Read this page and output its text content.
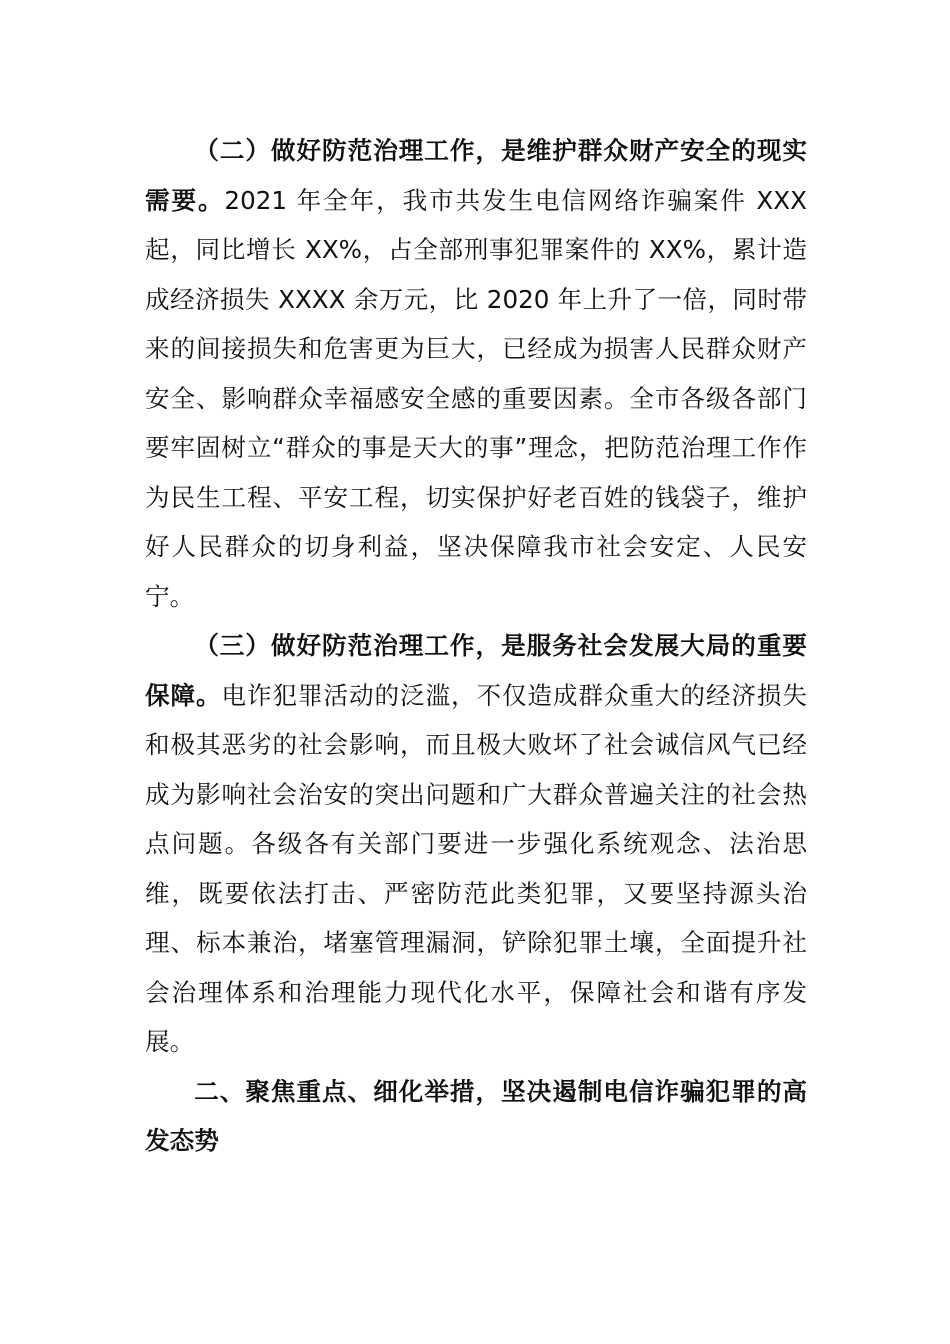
（二）做好防范治理工作，是维护群众财产安全的现实需要。2021 年全年，我市共发生电信网络诈骗案件 XXX 起，同比增长 XX%，占全部刑事犯罪案件的 XX%，累计造成经济损失 XXXX 余万元，比 2020 年上升了一倍，同时带来的间接损失和危害更为巨大，已经成为损害人民群众财产安全、影响群众幸福感安全感的重要因素。全市各级各部门要牢固树立“群众的事是天大的事”理念，把防范治理工作作为民生工程、平安工程，切实保护好老百姓的钱袋子，维护好人民群众的切身利益，坚决保障我市社会安定、人民安宁。

（三）做好防范治理工作，是服务社会发展大局的重要保障。电诈犯罪活动的泛滥，不仅造成群众重大的经济损失和极其恶劣的社会影响，而且极大败坏了社会诚信风气已经成为影响社会治安的突出问题和广大群众普遍关注的社会热点问题。各级各有关部门要进一步强化系统观念、法治思维，既要依法打击、严密防范此类犯罪，又要坚持源头治理、标本兼治，堵塞管理漏洞，铲除犯罪土壤，全面提升社会治理体系和治理能力现代化水平，保障社会和谐有序发展。

二、聚焦重点、细化举措，坚决遏制电信诈骗犯罪的高发态势
